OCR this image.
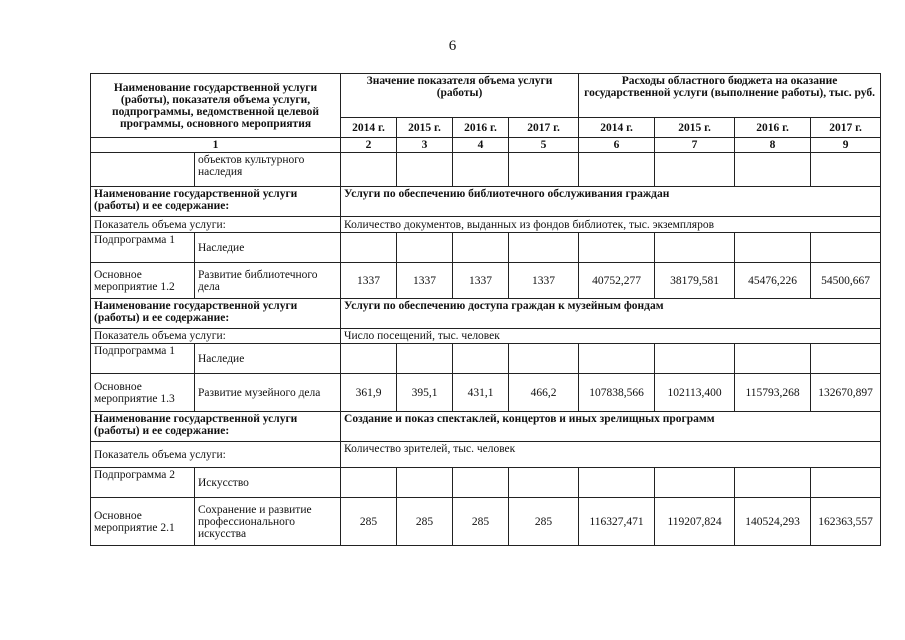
6
Наименование государственной услуги (работы), показателя объема услуги, подпрограммы, ведомственной целевой программы, основного мероприятия		Значение показателя объема услуги (работы)				Расходы областного бюджета на оказание государственной услуги (выполнение работы), тыс. руб.			
		2014 г.	2015 г.	2016 г.	2017 г.	2014 г.	2015 г.	2016 г.	2017 г.
1		2	3	4	5	6	7	8	9
	объектов культурного наследия								
Наименование государственной услуги (работы) и ее содержание:		Услуги по обеспечению библиотечного обслуживания граждан							
Показатель объема услуги:		Количество документов, выданных из фондов библиотек, тыс. экземпляров							
Подпрограмма 1	Наследие								
Основное мероприятие 1.2	Развитие библиотечного дела	1337	1337	1337	1337	40752,277	38179,581	45476,226	54500,667
Наименование государственной услуги (работы) и ее содержание:		Услуги по обеспечению доступа граждан к музейным фондам							
Показатель объема услуги:		Число посещений, тыс. человек							
Подпрограмма 1	Наследие								
Основное мероприятие 1.3	Развитие музейного дела	361,9	395,1	431,1	466,2	107838,566	102113,400	115793,268	132670,897
Наименование государственной услуги (работы) и ее содержание:		Создание и показ спектаклей, концертов и иных зрелищных программ							
Показатель объема услуги:		Количество зрителей, тыс. человек							
Подпрограмма 2	Искусство								
Основное мероприятие 2.1	Сохранение и развитие профессионального искусства	285	285	285	285	116327,471	119207,824	140524,293	162363,557
